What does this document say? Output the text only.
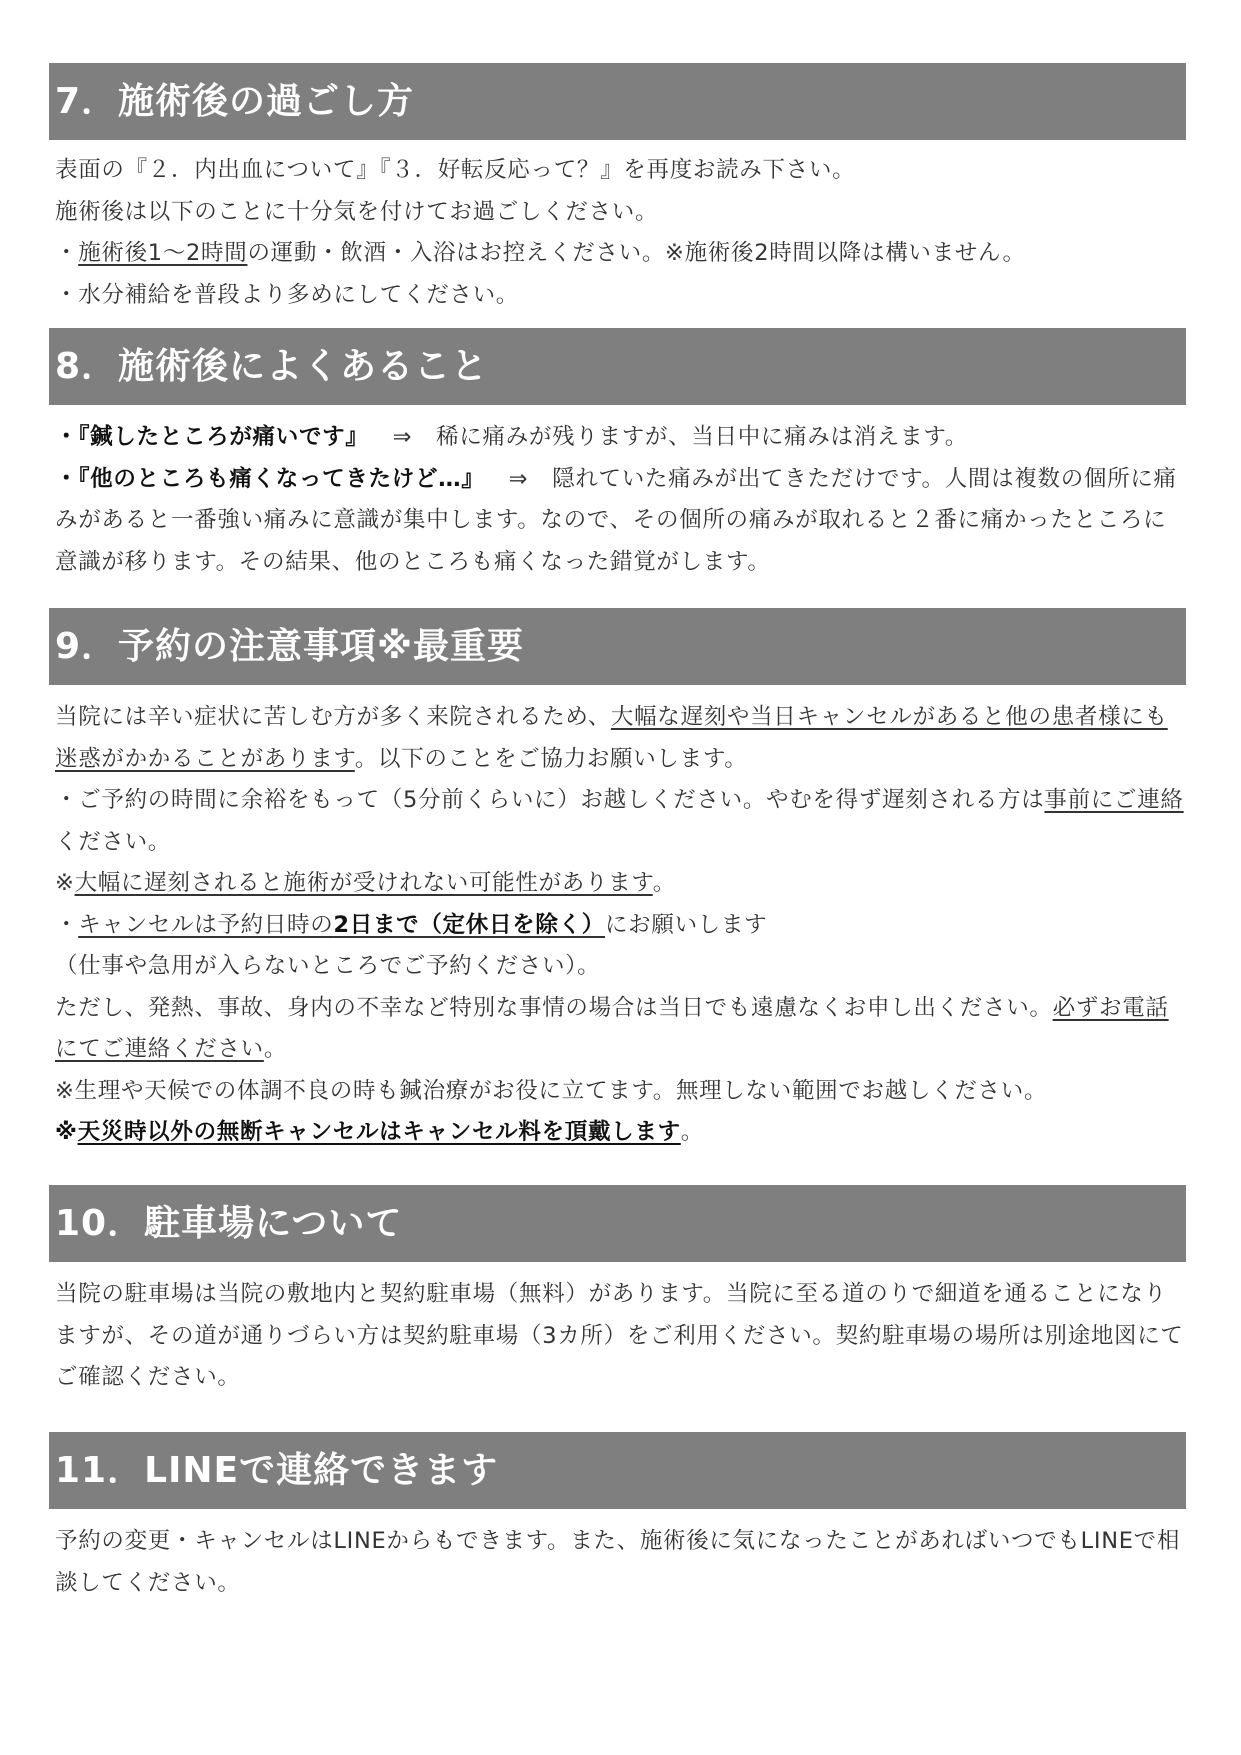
7．施術後の過ごし方
表面の『２．内出血について』『３．好転反応って？』を再度お読み下さい。
施術後は以下のことに十分気を付けてお過ごしください。
・施術後1〜2時間の運動・飲酒・入浴はお控えください。※施術後2時間以降は構いません。
・水分補給を普段より多めにしてください。
8．施術後によくあること
・『鍼したところが痛いです』 ⇒ 稀に痛みが残りますが、当日中に痛みは消えます。
・『他のところも痛くなってきたけど…』 ⇒ 隠れていた痛みが出てきただけです。人間は複数の個所に痛みがあると一番強い痛みに意識が集中します。なので、その個所の痛みが取れると２番に痛かったところに意識が移ります。その結果、他のところも痛くなった錯覚がします。
9．予約の注意事項※最重要
当院には辛い症状に苦しむ方が多く来院されるため、大幅な遅刻や当日キャンセルがあると他の患者様にも迷惑がかかることがあります。以下のことをご協力お願いします。
・ご予約の時間に余裕をもって（5分前くらいに）お越しください。やむを得ず遅刻される方は事前にご連絡ください。
※大幅に遅刻されると施術が受けれない可能性があります。
・キャンセルは予約日時の2日まで（定休日を除く）にお願いします
（仕事や急用が入らないところでご予約ください）。
ただし、発熱、事故、身内の不幸など特別な事情の場合は当日でも遠慮なくお申し出ください。必ずお電話にてご連絡ください。
※生理や天候での体調不良の時も鍼治療がお役に立てます。無理しない範囲でお越しください。
※天災時以外の無断キャンセルはキャンセル料を頂戴します。
10．駐車場について
当院の駐車場は当院の敷地内と契約駐車場（無料）があります。当院に至る道のりで細道を通ることになりますが、その道が通りづらい方は契約駐車場（3カ所）をご利用ください。契約駐車場の場所は別途地図にてご確認ください。
11．LINEで連絡できます
予約の変更・キャンセルはLINEからもできます。また、施術後に気になったことがあればいつでもLINEで相談してください。
